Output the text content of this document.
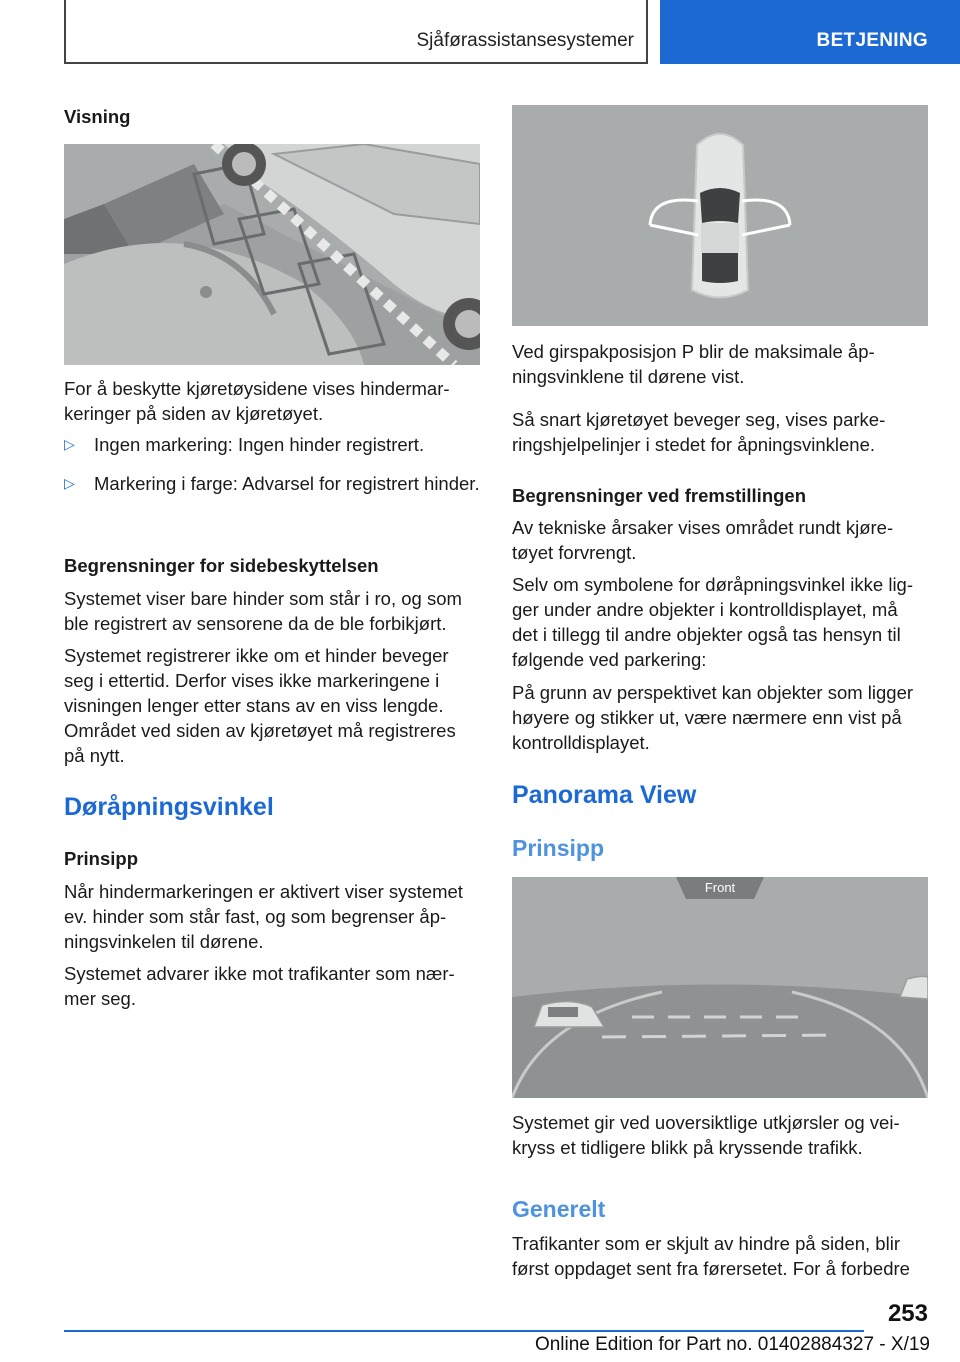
Sjåførassistansesystemer	BETJENING
Visning

For å beskytte kjøretøysidene vises hindermarkeringer på siden av kjøretøyet.

▷ Ingen markering: Ingen hinder registrert.
▷ Markering i farge: Advarsel for registrert hinder.
Begrensninger for sidebeskyttelsen

Systemet viser bare hinder som står i ro, og som ble registrert av sensorene da de ble forbikjørt.

Systemet registrerer ikke om et hinder beveger seg i ettertid. Derfor vises ikke markeringene i visningen lenger etter stans av en viss lengde. Området ved siden av kjøretøyet må registreres på nytt.

Døråpningsvinkel
Prinsipp

Når hindermarkeringen er aktivert viser systemet ev. hinder som står fast, og som begrenser åpningsvinkelen til dørene.

Systemet advarer ikke mot trafikanter som nærmer seg.

Ved girspakposisjon P blir de maksimale åpningsvinklene til dørene vist.

Så snart kjøretøyet beveger seg, vises parkeringshjelpelinjer i stedet for åpningsvinklene.

Begrensninger ved fremstillingen

Av tekniske årsaker vises området rundt kjøretøyet forvrengt.

Selv om symbolene for døråpningsvinkel ikke ligger under andre objekter i kontrolldisplayet, må det i tillegg til andre objekter også tas hensyn til følgende ved parkering:

På grunn av perspektivet kan objekter som ligger høyere og stikker ut, være nærmere enn vist på kontrolldisplayet.

Panorama View
Prinsipp
Front

Systemet gir ved uoversiktlige utkjørsler og veikryss et tidligere blikk på kryssende trafikk.

Generelt

Trafikanter som er skjult av hindre på siden, blir først oppdaget sent fra førersetet. For å forbedre

253
Online Edition for Part no. 01402884327 - X/19
